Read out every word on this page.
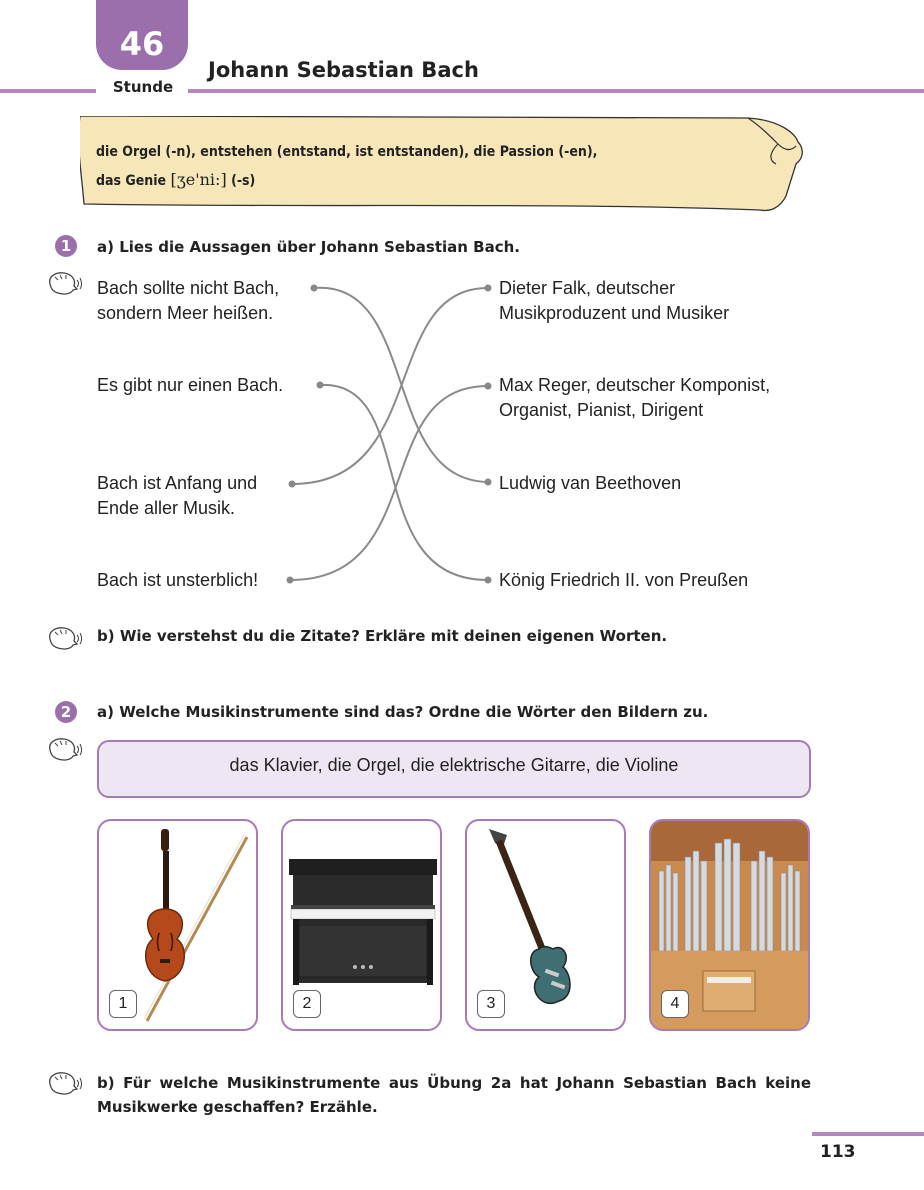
46
Stunde
Johann Sebastian Bach
die Orgel (-n), entstehen (entstand, ist entstanden), die Passion (-en),
das Genie [ʒe'ni:] (-s)
1	a) Lies die Aussagen über Johann Sebastian Bach.
Bach sollte nicht Bach,
sondern Meer heißen.
Es gibt nur einen Bach.
Bach ist Anfang und
Ende aller Musik.
Bach ist unsterblich!
Dieter Falk, deutscher
Musikproduzent und Musiker
Max Reger, deutscher Komponist,
Organist, Pianist, Dirigent
Ludwig van Beethoven
König Friedrich II. von Preußen
b) Wie verstehst du die Zitate? Erkläre mit deinen eigenen Worten.
2	a) Welche Musikinstrumente sind das? Ordne die Wörter den Bildern zu.
das Klavier, die Orgel, die elektrische Gitarre, die Violine
1	2	3	4
b) Für welche Musikinstrumente aus Übung 2a hat Johann Sebastian Bach keine Musikwerke geschaffen? Erzähle.
113
